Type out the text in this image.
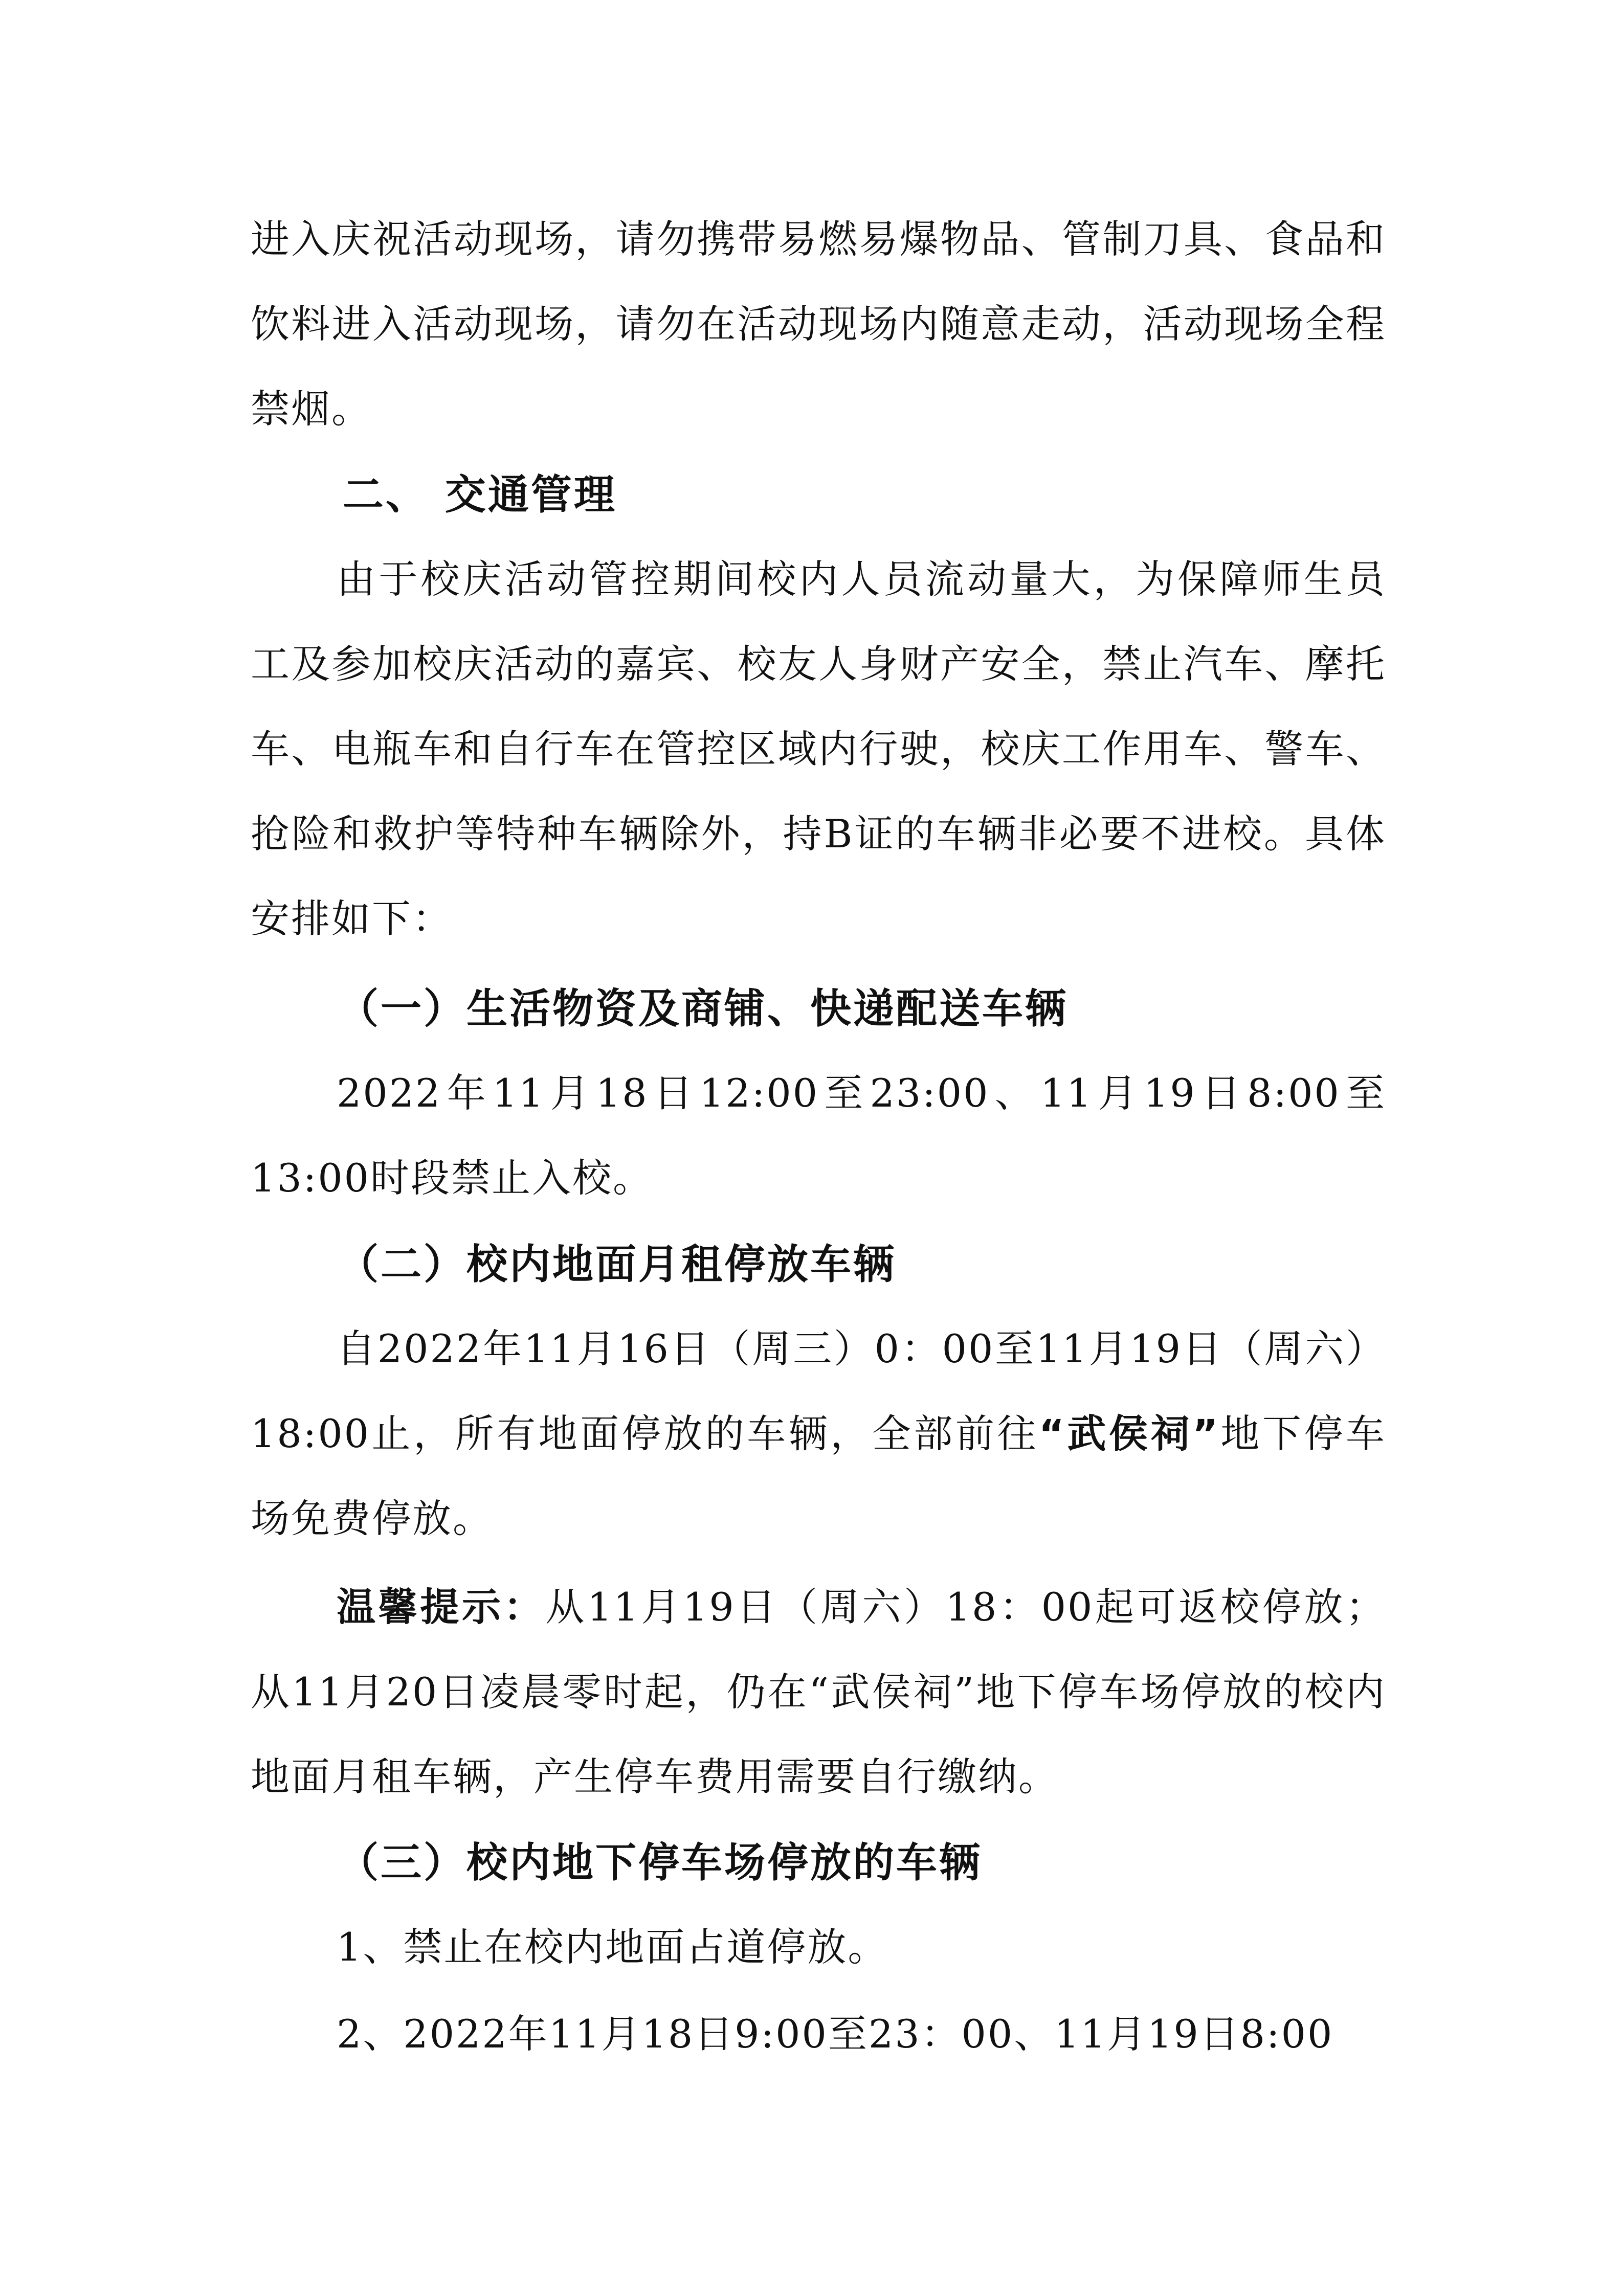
进入庆祝活动现场，请勿携带易燃易爆物品、管制刀具、食品和饮料进入活动现场，请勿在活动现场内随意走动，活动现场全程禁烟。

二、 交通管理

由于校庆活动管控期间校内人员流动量大，为保障师生员工及参加校庆活动的嘉宾、校友人身财产安全，禁止汽车、摩托车、电瓶车和自行车在管控区域内行驶，校庆工作用车、警车、抢险和救护等特种车辆除外，持B证的车辆非必要不进校。具体安排如下：

（一）生活物资及商铺、快递配送车辆

2022年11月18日12:00至23:00、11月19日8:00至13:00时段禁止入校。

（二）校内地面月租停放车辆

自2022年11月16日（周三）0：00至11月19日（周六）18:00止，所有地面停放的车辆，全部前往“武侯祠”地下停车场免费停放。

温馨提示：从11月19日（周六）18：00起可返校停放；从11月20日凌晨零时起，仍在“武侯祠”地下停车场停放的校内地面月租车辆，产生停车费用需要自行缴纳。

（三）校内地下停车场停放的车辆

1、禁止在校内地面占道停放。

2、2022年11月18日9:00至23：00、11月19日8:00
